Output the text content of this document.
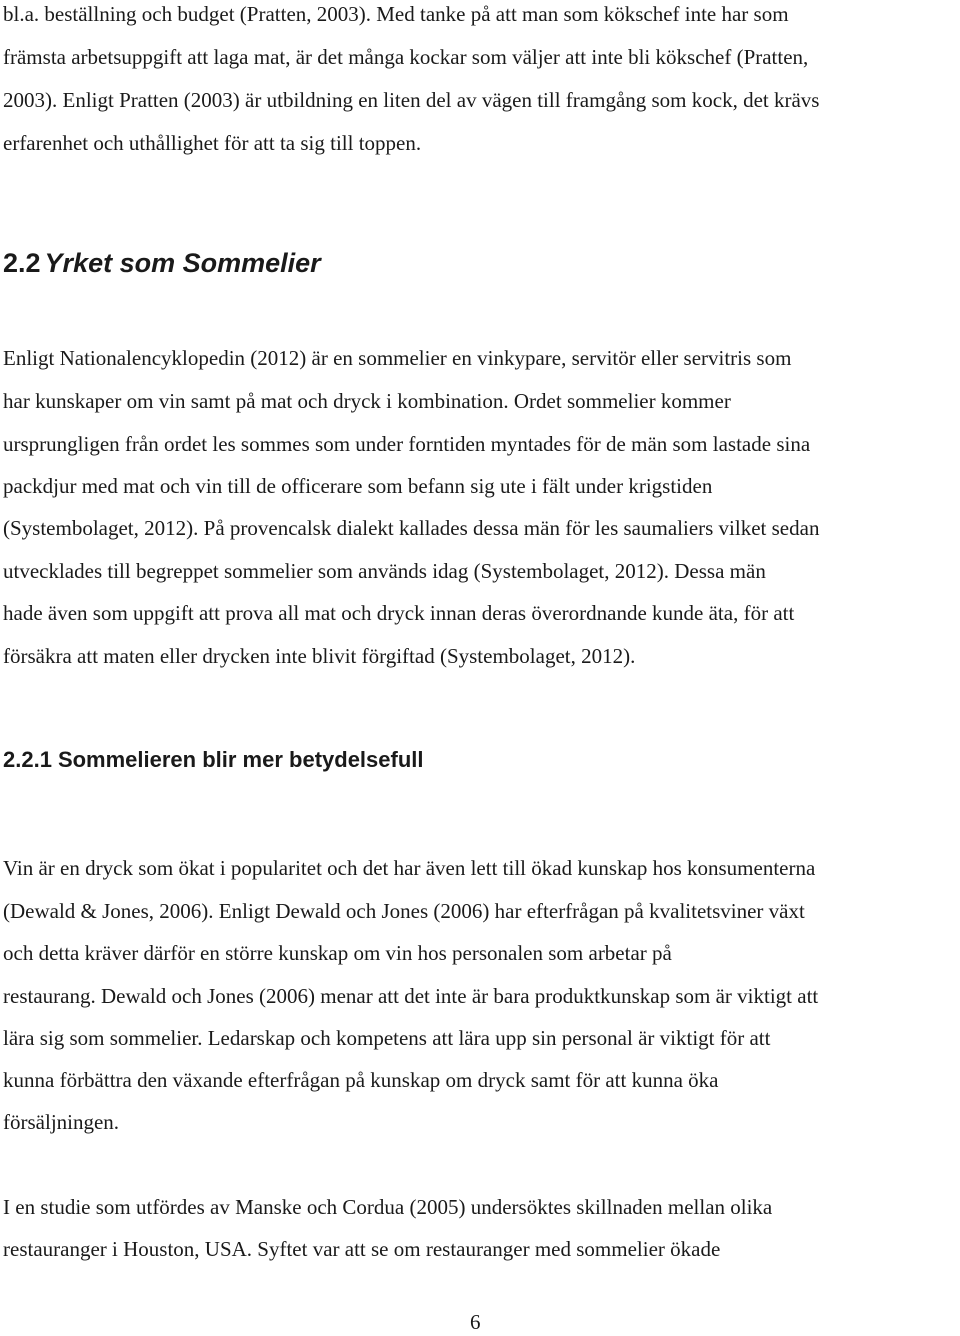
bl.a. beställning och budget (Pratten, 2003). Med tanke på att man som kökschef inte har som
främsta arbetsuppgift att laga mat, är det många kockar som väljer att inte bli kökschef (Pratten,
2003). Enligt Pratten (2003) är utbildning en liten del av vägen till framgång som kock, det krävs
erfarenhet och uthållighet för att ta sig till toppen.
2.2 Yrket som Sommelier
Enligt Nationalencyklopedin (2012) är en sommelier en vinkypare, servitör eller servitris som
har kunskaper om vin samt på mat och dryck i kombination. Ordet sommelier kommer
ursprungligen från ordet les sommes som under forntiden myntades för de män som lastade sina
packdjur med mat och vin till de officerare som befann sig ute i fält under krigstiden
(Systembolaget, 2012). På provencalsk dialekt kallades dessa män för les saumaliers vilket sedan
utvecklades till begreppet sommelier som används idag (Systembolaget, 2012). Dessa män
hade även som uppgift att prova all mat och dryck innan deras överordnande kunde äta, för att
försäkra att maten eller drycken inte blivit förgiftad (Systembolaget, 2012).
2.2.1 Sommelieren blir mer betydelsefull
Vin är en dryck som ökat i popularitet och det har även lett till ökad kunskap hos konsumenterna
(Dewald & Jones, 2006). Enligt Dewald och Jones (2006) har efterfrågan på kvalitetsviner växt
och detta kräver därför en större kunskap om vin hos personalen som arbetar på
restaurang. Dewald och Jones (2006) menar att det inte är bara produktkunskap som är viktigt att
lära sig som sommelier. Ledarskap och kompetens att lära upp sin personal är viktigt för att
kunna förbättra den växande efterfrågan på kunskap om dryck samt för att kunna öka
försäljningen.
I en studie som utfördes av Manske och Cordua (2005) undersöktes skillnaden mellan olika
restauranger i Houston, USA. Syftet var att se om restauranger med sommelier ökade
6
